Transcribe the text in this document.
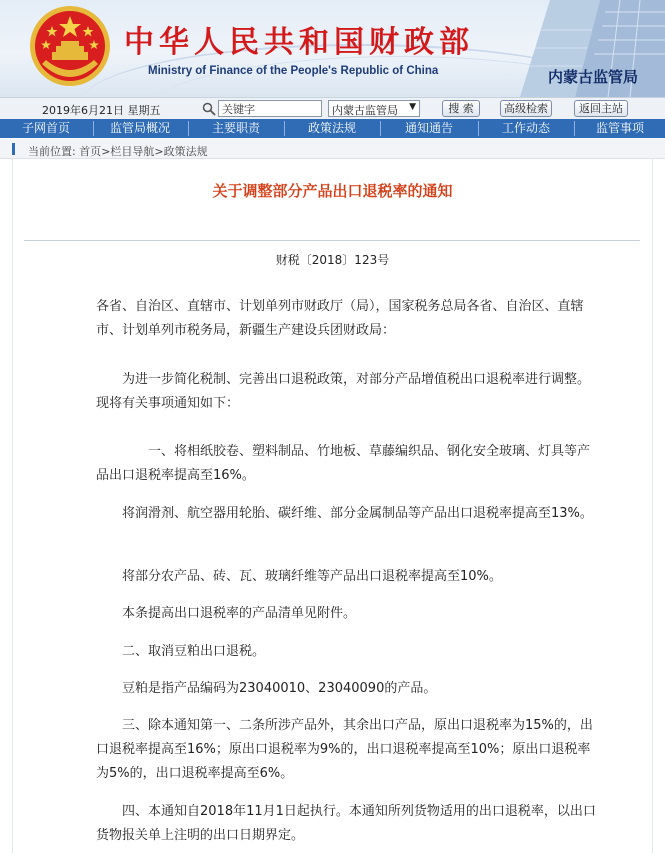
中华人民共和国财政部
Ministry of Finance of the People's Republic of China	内蒙古监管局
2019年6月21日 星期五
关键字	内蒙古监管局 ▼	搜 索	高级检索	返回主站
子网首页	监管局概况	主要职责	政策法规	通知通告	工作动态	监管事项
当前位置: 首页>栏目导航>政策法规
关于调整部分产品出口退税率的通知
财税〔2018〕123号
各省、自治区、直辖市、计划单列市财政厅（局），国家税务总局各省、自治区、直辖市、计划单列市税务局，新疆生产建设兵团财政局：
为进一步简化税制、完善出口退税政策，对部分产品增值税出口退税率进行调整。现将有关事项通知如下：
一、将相纸胶卷、塑料制品、竹地板、草藤编织品、钢化安全玻璃、灯具等产品出口退税率提高至16%。
将润滑剂、航空器用轮胎、碳纤维、部分金属制品等产品出口退税率提高至13%。
将部分农产品、砖、瓦、玻璃纤维等产品出口退税率提高至10%。
本条提高出口退税率的产品清单见附件。
二、取消豆粕出口退税。
豆粕是指产品编码为23040010、23040090的产品。
三、除本通知第一、二条所涉产品外，其余出口产品，原出口退税率为15%的，出口退税率提高至16%；原出口退税率为9%的，出口退税率提高至10%；原出口退税率为5%的，出口退税率提高至6%。
四、本通知自2018年11月1日起执行。本通知所列货物适用的出口退税率，以出口货物报关单上注明的出口日期界定。
